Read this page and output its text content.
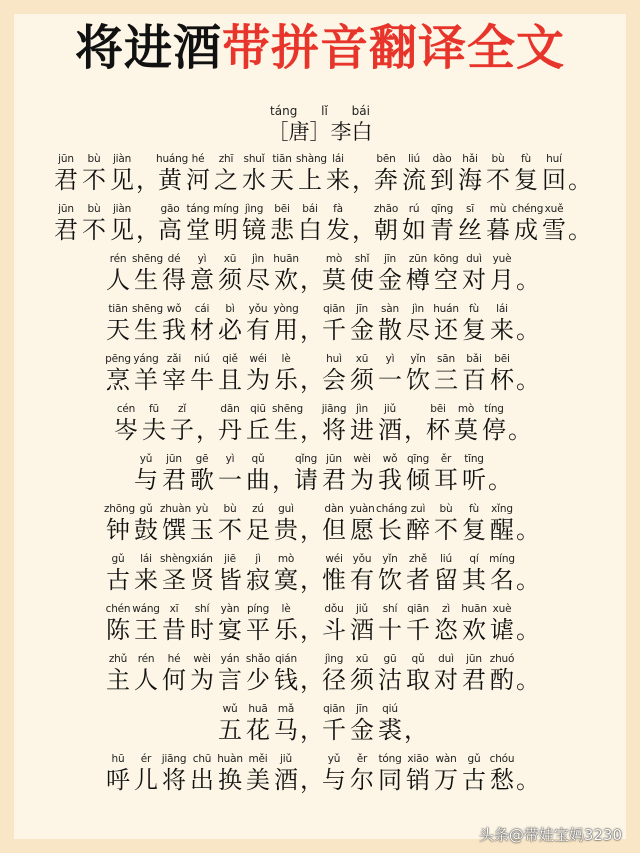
将进酒带拼音翻译全文
táng lǐ bái
［唐］李白
jūn
君
bù
不
jiàn
见 ，
huáng
黄
hé
河
zhī
之
shuǐ
水
tiān
天
shàng
上
lái
来 ，
bēn
奔
liú
流
dào
到
hǎi
海
bù
不
fù
复
huí
回 。
jūn
君
bù
不
jiàn
见 ，
gāo
高
táng
堂
míng
明
jìng
镜
bēi
悲
bái
白
fà
发 ，
zhāo
朝
rú
如
qīng
青
sī
丝
mù
暮
chéng
成
xuě
雪 。
rén
人
shēng
生
dé
得
yì
意
xū
须
jìn
尽
huān
欢 ，
mò
莫
shǐ
使
jīn
金
zūn
樽
kōng
空
duì
对
yuè
月 。
tiān
天
shēng
生
wǒ
我
cái
材
bì
必
yǒu
有
yòng
用 ，
qiān
千
jīn
金
sàn
散
jìn
尽
huán
还
fù
复
lái
来 。
pēng
烹
yáng
羊
zǎi
宰
niú
牛
qiě
且
wéi
为
lè
乐 ，
huì
会
xū
须
yì
一
yǐn
饮
sān
三
bǎi
百
bēi
杯 。
cén
岑
fū
夫
zǐ
子 ，
dān
丹
qiū
丘
shēng
生 ，
jiāng
将
jìn
进
jiǔ
酒 ，
bēi
杯
mò
莫
tíng
停 。
yǔ
与
jūn
君
gē
歌
yì
一
qǔ
曲 ，
qǐng
请
jūn
君
wèi
为
wǒ
我
qīng
倾
ěr
耳
tīng
听 。
zhōng
钟
gǔ
鼓
zhuàn
馔
yù
玉
bù
不
zú
足
guì
贵 ，
dàn
但
yuàn
愿
cháng
长
zuì
醉
bù
不
fù
复
xǐng
醒 。
gǔ
古
lái
来
shèng
圣
xián
贤
jiē
皆
jì
寂
mò
寞 ，
wéi
惟
yǒu
有
yǐn
饮
zhě
者
liú
留
qí
其
míng
名 。
chén
陈
wáng
王
xī
昔
shí
时
yàn
宴
píng
平
lè
乐 ，
dǒu
斗
jiǔ
酒
shí
十
qiān
千
zì
恣
huān
欢
xuè
谑 。
zhǔ
主
rén
人
hé
何
wèi
为
yán
言
shǎo
少
qián
钱 ，
jìng
径
xū
须
gū
沽
qǔ
取
duì
对
jūn
君
zhuó
酌 。
wǔ
五
huā
花
mǎ
马 ，
qiān
千
jīn
金
qiú
裘 ，
hū
呼
ér
儿
jiāng
将
chū
出
huàn
换
měi
美
jiǔ
酒 ，
yǔ
与
ěr
尔
tóng
同
xiāo
销
wàn
万
gǔ
古
chóu
愁 。
头条@带娃宝妈3230
